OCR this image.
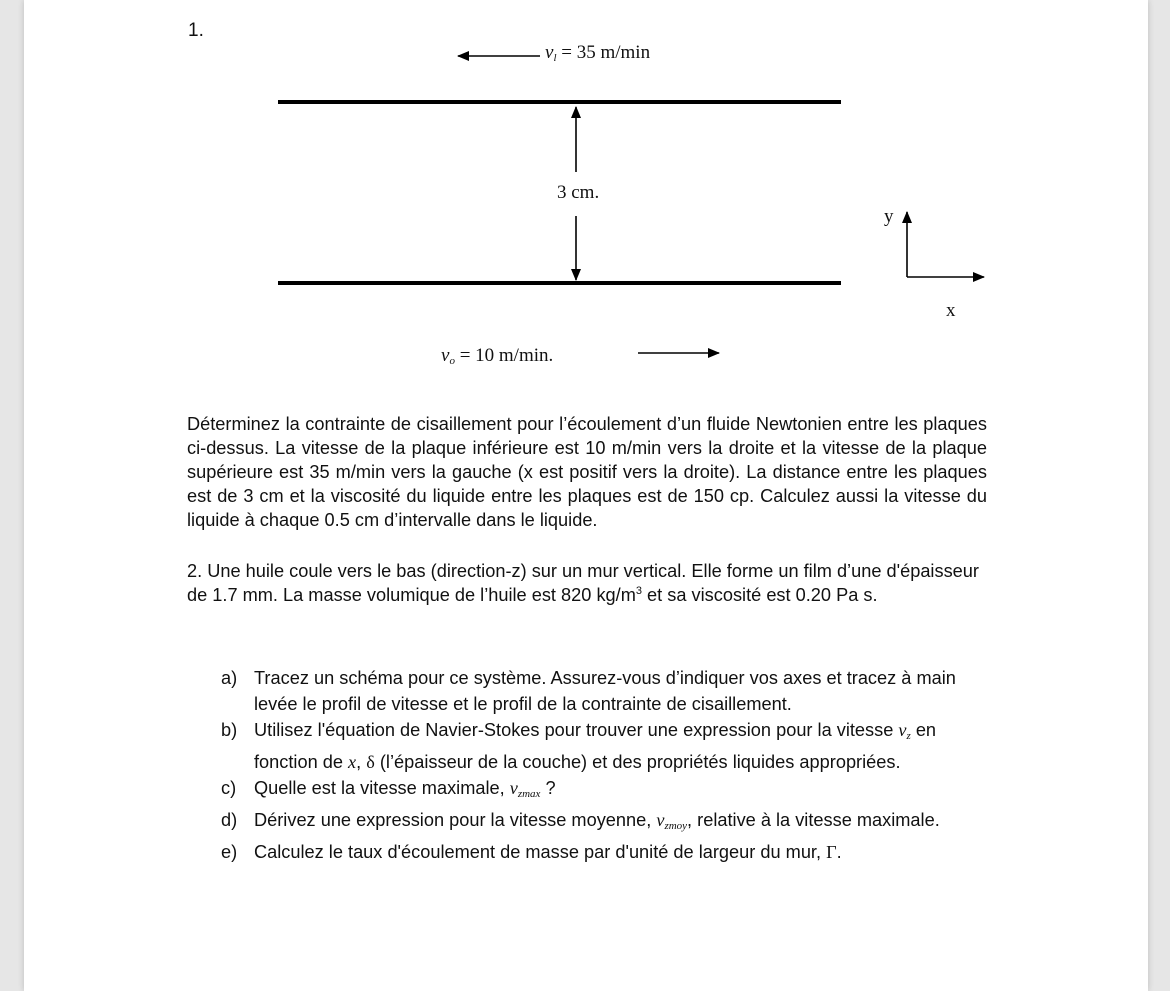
1.
$v_l = 35$ m/min
3 cm.
$v_o = 10$ m/min.
y
x
Déterminez la contrainte de cisaillement pour l’écoulement d’un fluide Newtonien entre les plaques ci-dessus. La vitesse de la plaque inférieure est 10 m/min vers la droite et la vitesse de la plaque supérieure est 35 m/min vers la gauche (x est positif vers la droite). La distance entre les plaques est de 3 cm et la viscosité du liquide entre les plaques est de 150 cp. Calculez aussi la vitesse du liquide à chaque 0.5 cm d’intervalle dans le liquide.
2. Une huile coule vers le bas (direction-z) sur un mur vertical. Elle forme un film d’une d'épaisseur de 1.7 mm. La masse volumique de l’huile est 820 $kg/m^3$ et sa viscosité est 0.20 Pa s.
a) Tracez un schéma pour ce système. Assurez-vous d’indiquer vos axes et tracez à main levée le profil de vitesse et le profil de la contrainte de cisaillement.
b) Utilisez l'équation de Navier-Stokes pour trouver une expression pour la vitesse $v_z$ en fonction de x, δ (l’épaisseur de la couche) et des propriétés liquides appropriées.
c) Quelle est la vitesse maximale, $v_{zmax}$ ?
d) Dérivez une expression pour la vitesse moyenne, $v_{zmoy}$, relative à la vitesse maximale.
e) Calculez le taux d'écoulement de masse par d'unité de largeur du mur, Γ.
